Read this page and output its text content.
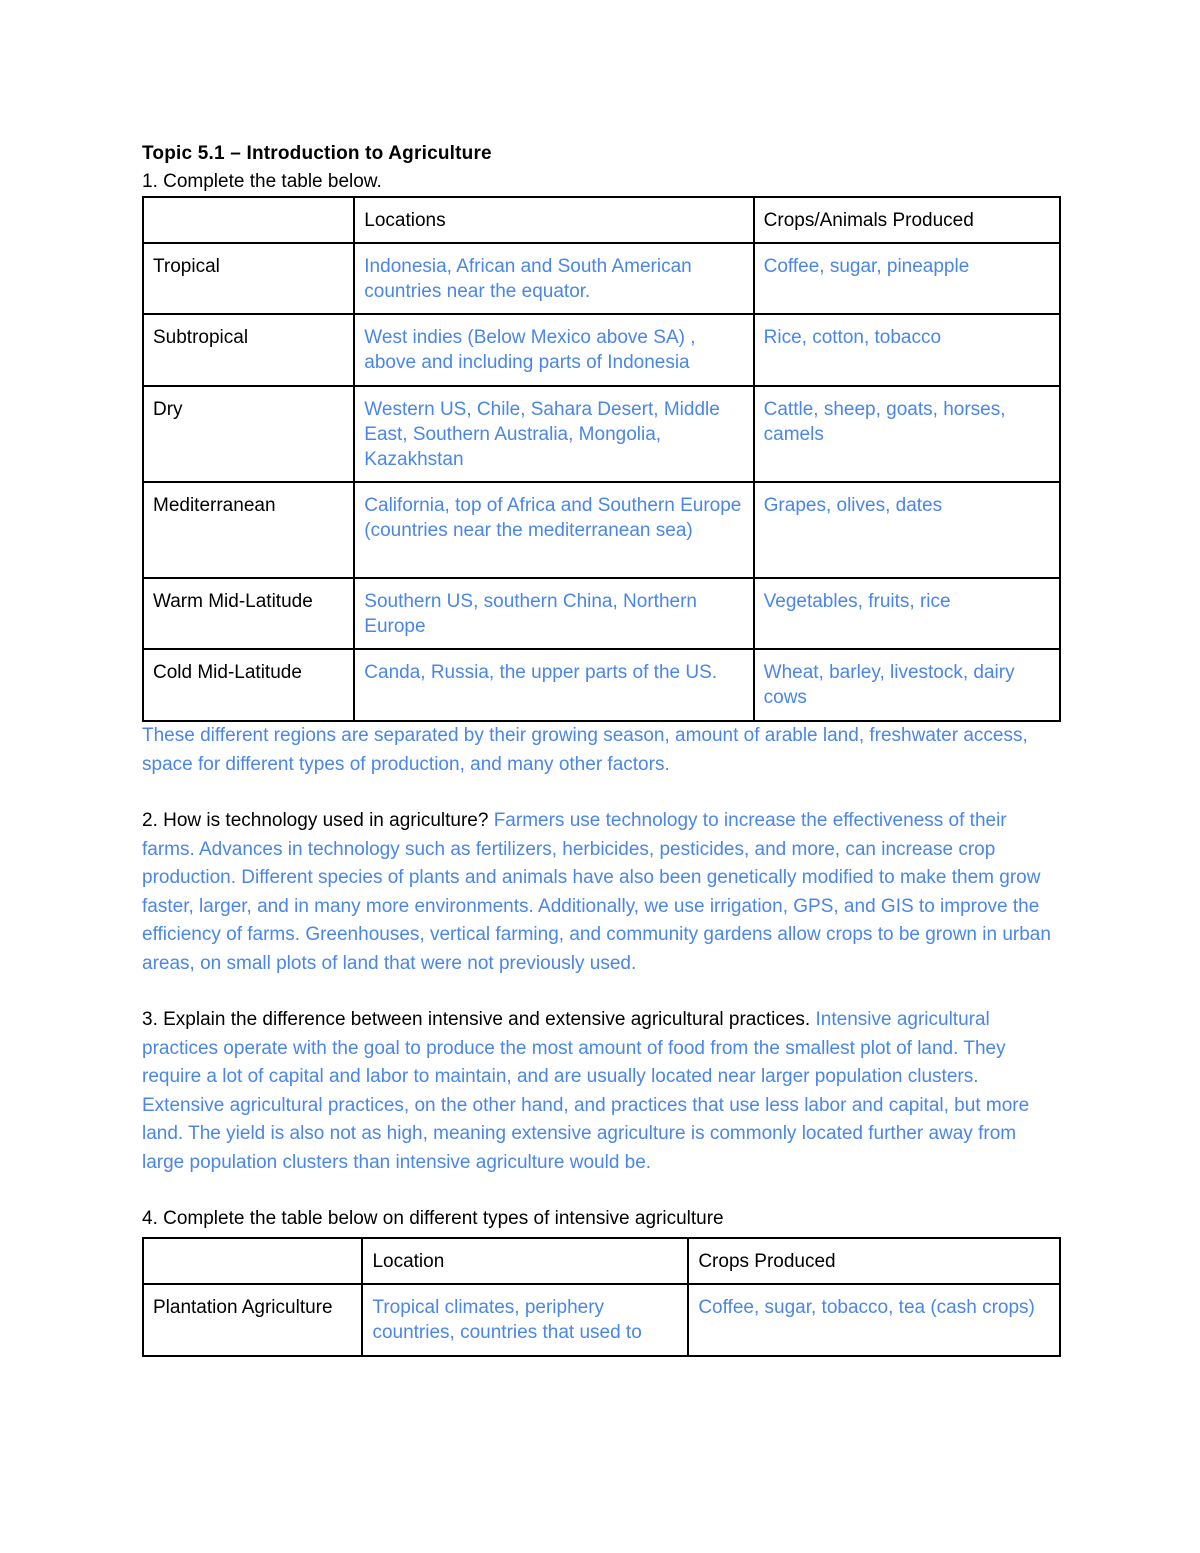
Topic 5.1 – Introduction to Agriculture
1. Complete the table below.
	Locations	Crops/Animals Produced
Tropical	Indonesia, African and South American countries near the equator.	Coffee, sugar, pineapple
Subtropical	West indies (Below Mexico above SA) , above and including parts of Indonesia	Rice, cotton, tobacco
Dry	Western US, Chile, Sahara Desert, Middle East, Southern Australia, Mongolia, Kazakhstan	Cattle, sheep, goats, horses, camels
Mediterranean	California, top of Africa and Southern Europe (countries near the mediterranean sea)	Grapes, olives, dates
Warm Mid-Latitude	Southern US, southern China, Northern Europe	Vegetables, fruits, rice
Cold Mid-Latitude	Canda, Russia, the upper parts of the US.	Wheat, barley, livestock, dairy cows
These different regions are separated by their growing season, amount of arable land, freshwater access, space for different types of production, and many other factors.
2. How is technology used in agriculture? Farmers use technology to increase the effectiveness of their farms. Advances in technology such as fertilizers, herbicides, pesticides, and more, can increase crop production. Different species of plants and animals have also been genetically modified to make them grow faster, larger, and in many more environments. Additionally, we use irrigation, GPS, and GIS to improve the efficiency of farms. Greenhouses, vertical farming, and community gardens allow crops to be grown in urban areas, on small plots of land that were not previously used.
3. Explain the difference between intensive and extensive agricultural practices. Intensive agricultural practices operate with the goal to produce the most amount of food from the smallest plot of land. They require a lot of capital and labor to maintain, and are usually located near larger population clusters. Extensive agricultural practices, on the other hand, and practices that use less labor and capital, but more land. The yield is also not as high, meaning extensive agriculture is commonly located further away from large population clusters than intensive agriculture would be.
4. Complete the table below on different types of intensive agriculture
	Location	Crops Produced
Plantation Agriculture	Tropical climates, periphery countries, countries that used to	Coffee, sugar, tobacco, tea (cash crops)
